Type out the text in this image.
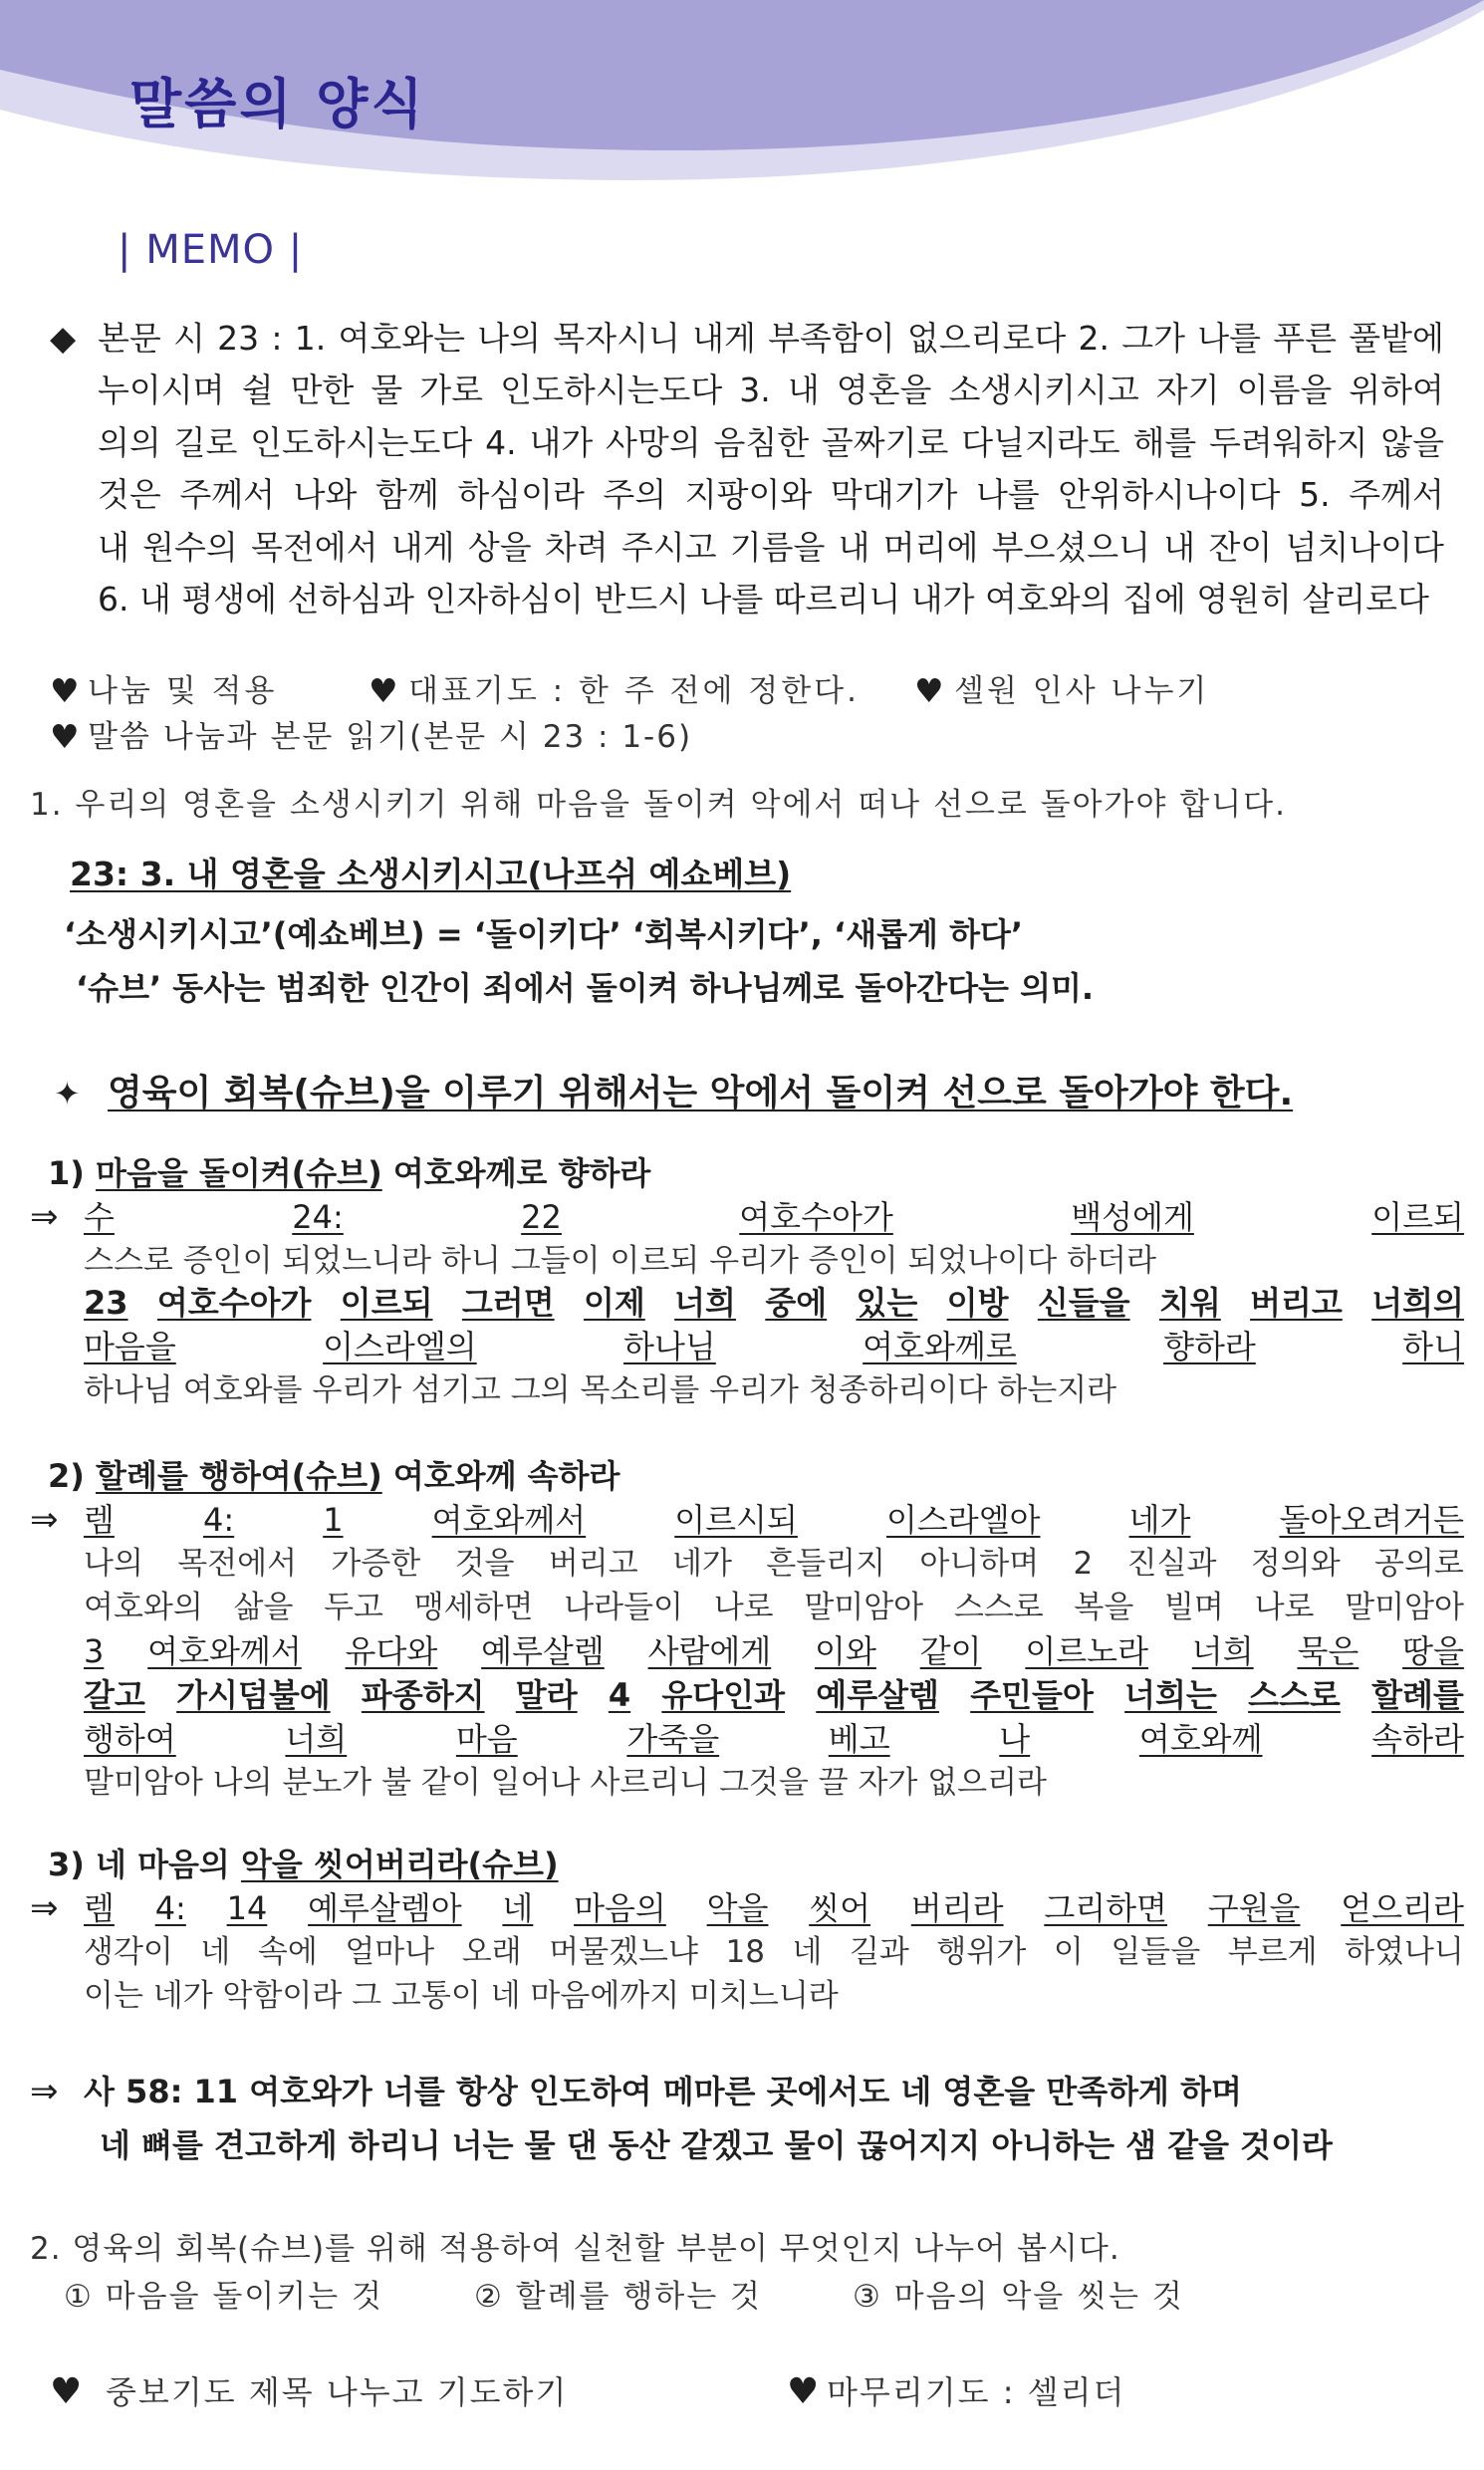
말씀의 양식
| MEMO |
◆ 본문 시 23 : 1. 여호와는 나의 목자시니 내게 부족함이 없으리로다 2. 그가 나를 푸른 풀밭에
누이시며 쉴 만한 물 가로 인도하시는도다 3. 내 영혼을 소생시키시고 자기 이름을 위하여
의의 길로 인도하시는도다 4. 내가 사망의 음침한 골짜기로 다닐지라도 해를 두려워하지 않을
것은 주께서 나와 함께 하심이라 주의 지팡이와 막대기가 나를 안위하시나이다 5. 주께서
내 원수의 목전에서 내게 상을 차려 주시고 기름을 내 머리에 부으셨으니 내 잔이 넘치나이다
6. 내 평생에 선하심과 인자하심이 반드시 나를 따르리니 내가 여호와의 집에 영원히 살리로다
♥ 나눔 및 적용	♥ 대표기도 : 한 주 전에 정한다. ♥ 셀원 인사 나누기
♥ 말씀 나눔과 본문 읽기(본문 시 23 : 1-6)
1. 우리의 영혼을 소생시키기 위해 마음을 돌이켜 악에서 떠나 선으로 돌아가야 합니다.
23: 3. 내 영혼을 소생시키시고(나프쉬 예쇼베브)
‘소생시키시고’(예쇼베브) = ‘돌이키다’ ‘회복시키다’, ‘새롭게 하다’
‘슈브’ 동사는 범죄한 인간이 죄에서 돌이켜 하나님께로 돌아간다는 의미.
✦ 영육이 회복(슈브)을 이루기 위해서는 악에서 돌이켜 선으로 돌아가야 한다.
1) 마음을 돌이켜(슈브) 여호와께로 향하라
⇒ 수	24:	22	여호수아가	백성에게	이르되
스스로 증인이 되었느니라 하니 그들이 이르되 우리가 증인이 되었나이다 하더라
23 여호수아가 이르되 그러면 이제 너희 중에 있는 이방 신들을 치워 버리고 너희의
마음을	이스라엘의	하나님	여호와께로	향하라	하니
하나님 여호와를 우리가 섬기고 그의 목소리를 우리가 청종하리이다 하는지라
2) 할례를 행하여(슈브) 여호와께 속하라
⇒ 렘	4:	1	여호와께서	이르시되	이스라엘아	네가	돌아오려거든
나의 목전에서 가증한 것을 버리고 네가 흔들리지 아니하며 2 진실과 정의와 공의로
여호와의 삶을 두고 맹세하면 나라들이 나로 말미암아 스스로 복을 빌며 나로 말미암아
3 여호와께서 유다와 예루살렘 사람에게 이와 같이 이르노라 너희 묵은 땅을
갈고 가시덤불에 파종하지 말라 4 유다인과 예루살렘 주민들아 너희는 스스로 할례를
행하여	너희	마음	가죽을	베고	나	여호와께	속하라
말미암아 나의 분노가 불 같이 일어나 사르리니 그것을 끌 자가 없으리라
3) 네 마음의 악을 씻어버리라(슈브)
⇒ 렘 4: 14 예루살렘아 네 마음의 악을 씻어 버리라 그리하면 구원을 얻으리라
생각이 네 속에 얼마나 오래 머물겠느냐 18 네 길과 행위가 이 일들을 부르게 하였나니
이는 네가 악함이라 그 고통이 네 마음에까지 미치느니라
⇒ 사 58: 11 여호와가 너를 항상 인도하여 메마른 곳에서도 네 영혼을 만족하게 하며
네 뼈를 견고하게 하리니 너는 물 댄 동산 같겠고 물이 끊어지지 아니하는 샘 같을 것이라
2. 영육의 회복(슈브)를 위해 적용하여 실천할 부분이 무엇인지 나누어 봅시다.
① 마음을 돌이키는 것	② 할례를 행하는 것	③ 마음의 악을 씻는 것
♥ 중보기도 제목 나누고 기도하기	♥ 마무리기도 : 셀리더
